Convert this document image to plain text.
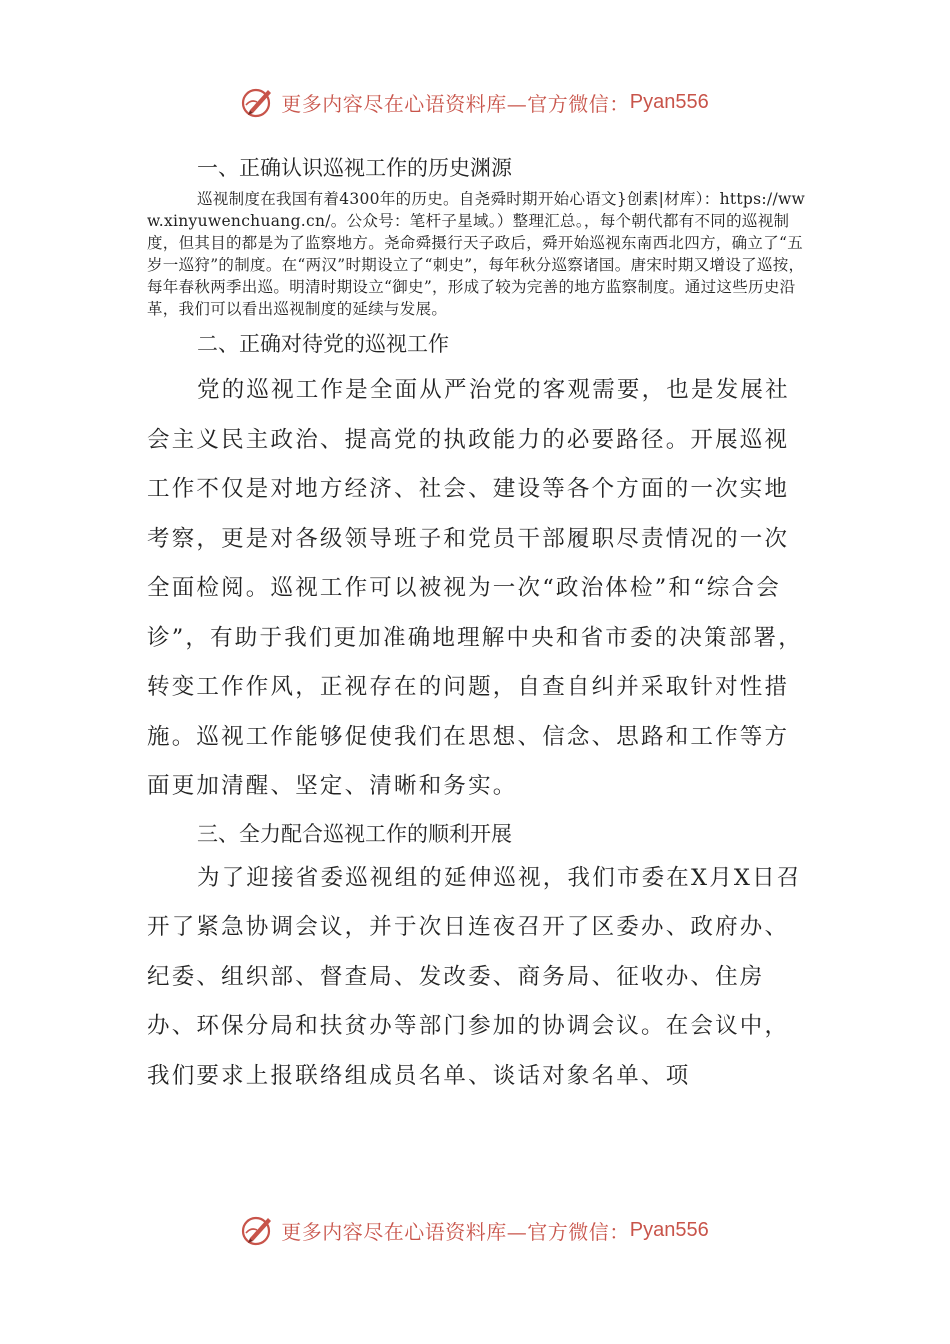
更多内容尽在心语资料库—官方微信： Pyan556
一、正确认识巡视工作的历史渊源

巡视制度在我国有着4300年的历史。自尧舜时期开始心语文}创素|材库）：https://www.xinyuwenchuang.cn/。公众号：笔杆子星域。）整理汇总。，每个朝代都有不同的巡视制度，但其目的都是为了监察地方。尧命舜摄行天子政后，舜开始巡视东南西北四方，确立了“五岁一巡狩”的制度。在“两汉”时期设立了“刺史”，每年秋分巡察诸国。唐宋时期又增设了巡按，每年春秋两季出巡。明清时期设立“御史”，形成了较为完善的地方监察制度。通过这些历史沿革，我们可以看出巡视制度的延续与发展。

二、正确对待党的巡视工作

党的巡视工作是全面从严治党的客观需要，也是发展社会主义民主政治、提高党的执政能力的必要路径。开展巡视工作不仅是对地方经济、社会、建设等各个方面的一次实地考察，更是对各级领导班子和党员干部履职尽责情况的一次全面检阅。巡视工作可以被视为一次“政治体检”和“综合会诊”，有助于我们更加准确地理解中央和省市委的决策部署，转变工作作风，正视存在的问题，自查自纠并采取针对性措施。巡视工作能够促使我们在思想、信念、思路和工作等方面更加清醒、坚定、清晰和务实。

三、全力配合巡视工作的顺利开展

为了迎接省委巡视组的延伸巡视，我们市委在X月X日召开了紧急协调会议，并于次日连夜召开了区委办、政府办、纪委、组织部、督查局、发改委、商务局、征收办、住房办、环保分局和扶贫办等部门参加的协调会议。在会议中，我们要求上报联络组成员名单、谈话对象名单、项

更多内容尽在心语资料库—官方微信： Pyan556
